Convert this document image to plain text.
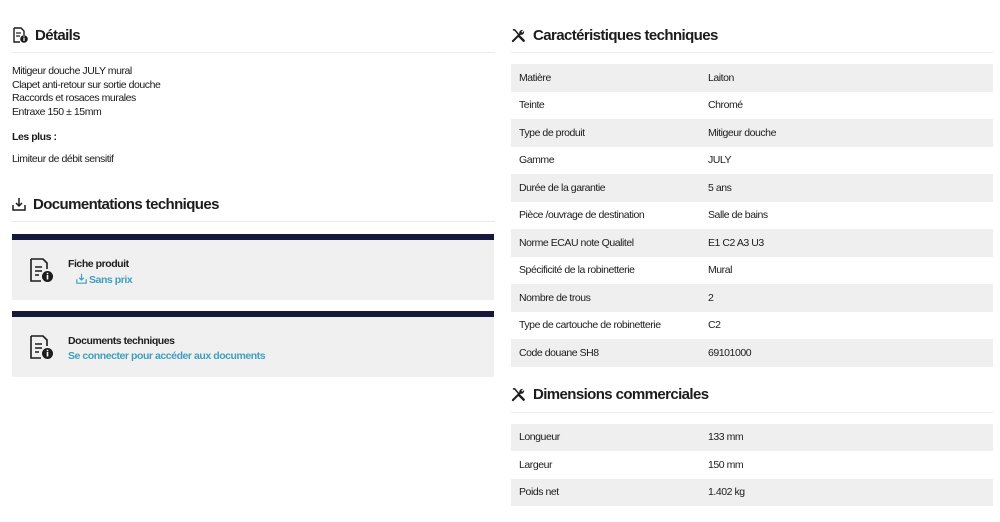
Détails
Mitigeur douche JULY mural
Clapet anti-retour sur sortie douche
Raccords et rosaces murales
Entraxe 150 ± 15mm
Les plus :
Limiteur de débit sensitif
Documentations techniques
Fiche produit
Sans prix
Documents techniques
Se connecter pour accéder aux documents
Caractéristiques techniques
Matière	Laiton
Teinte	Chromé
Type de produit	Mitigeur douche
Gamme	JULY
Durée de la garantie	5 ans
Pièce /ouvrage de destination	Salle de bains
Norme ECAU note Qualitel	E1 C2 A3 U3
Spécificité de la robinetterie	Mural
Nombre de trous	2
Type de cartouche de robinetterie	C2
Code douane SH8	69101000
Dimensions commerciales
Longueur	133 mm
Largeur	150 mm
Poids net	1.402 kg
